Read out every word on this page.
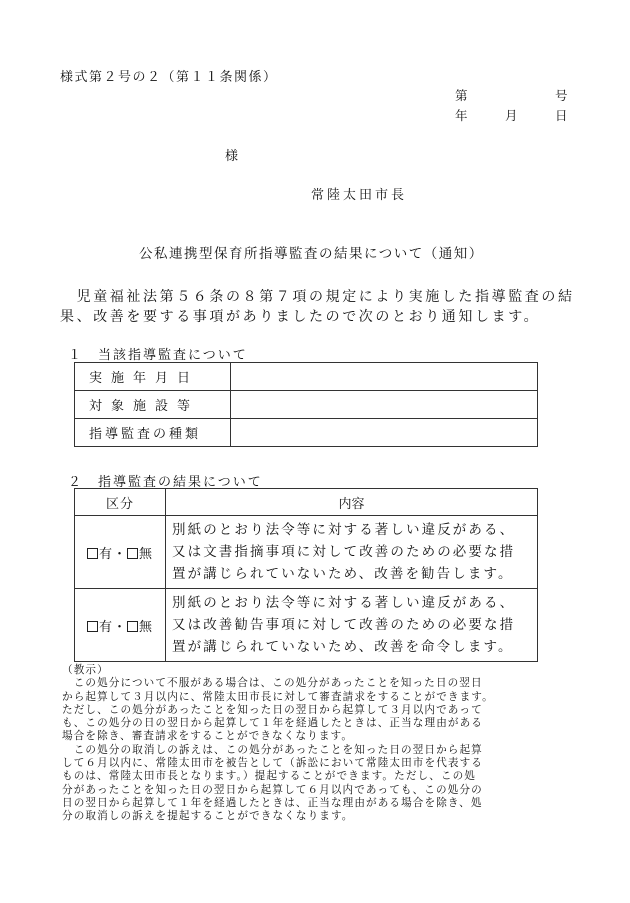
様式第２号の２（第１１条関係）
第	号
年	月	日
様
常陸太田市長
公私連携型保育所指導監査の結果について（通知）
　児童福祉法第５６条の８第７項の規定により実施した指導監査の結
果、改善を要する事項がありましたので次のとおり通知します。
１　当該指導監査について
実施年月日	
対象施設等	
指導監査の種類	
２　指導監査の結果について
区分	内容
有・ 無	別紙のとおり法令等に対する著しい違反がある、
又は文書指摘事項に対して改善のための必要な措
置が講じられていないため、改善を勧告します。

有・ 無	別紙のとおり法令等に対する著しい違反がある、
又は改善勧告事項に対して改善のための必要な措
置が講じられていないため、改善を命令します。
（教示）
　この処分について不服がある場合は、この処分があったことを知った日の翌日
から起算して３月以内に、常陸太田市長に対して審査請求をすることができます。
ただし、この処分があったことを知った日の翌日から起算して３月以内であって
も、この処分の日の翌日から起算して１年を経過したときは、正当な理由がある
場合を除き、審査請求をすることができなくなります。
　この処分の取消しの訴えは、この処分があったことを知った日の翌日から起算
して６月以内に、常陸太田市を被告として（訴訟において常陸太田市を代表する
ものは、常陸太田市長となります。）提起することができます。ただし、この処
分があったことを知った日の翌日から起算して６月以内であっても、この処分の
日の翌日から起算して１年を経過したときは、正当な理由がある場合を除き、処
分の取消しの訴えを提起することができなくなります。
